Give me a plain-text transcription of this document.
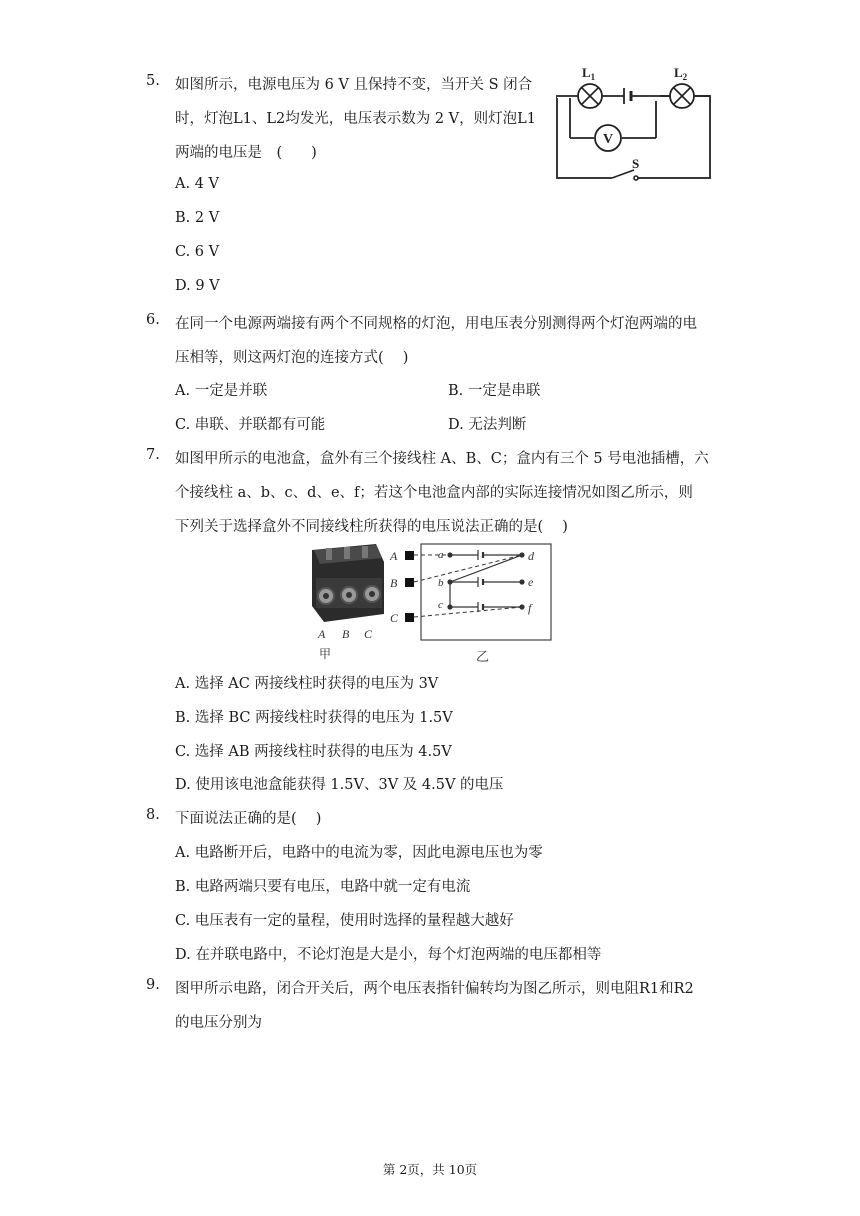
5. 如图所示，电源电压为 6 V 且保持不变，当开关 S 闭合
时，灯泡L1、L2均发光，电压表示数为 2 V，则灯泡L1
两端的电压是　(　　)
A. 4 V
B. 2 V
C. 6 V
D. 9 V
V
$L_1$	$L_2$
S
6. 在同一个电源两端接有两个不同规格的灯泡，用电压表分别测得两个灯泡两端的电
压相等，则这两灯泡的连接方式(　 )
A. 一定是并联	B. 一定是串联
C. 串联、并联都有可能	D. 无法判断
7. 如图甲所示的电池盒，盒外有三个接线柱 A、B、C；盒内有三个 5 号电池插槽，六
个接线柱 a、b、c、d、e、f；若这个电池盒内部的实际连接情况如图乙所示，则
下列关于选择盒外不同接线柱所获得的电压说法正确的是(　 )
A B C
甲	乙
A
B
C
a
b
c
d
e
f
A. 选择 AC 两接线柱时获得的电压为 3V
B. 选择 BC 两接线柱时获得的电压为 1.5V
C. 选择 AB 两接线柱时获得的电压为 4.5V
D. 使用该电池盒能获得 1.5V、3V 及 4.5V 的电压
8. 下面说法正确的是(　 )
A. 电路断开后，电路中的电流为零，因此电源电压也为零
B. 电路两端只要有电压，电路中就一定有电流
C. 电压表有一定的量程，使用时选择的量程越大越好
D. 在并联电路中，不论灯泡是大是小，每个灯泡两端的电压都相等
9. 图甲所示电路，闭合开关后，两个电压表指针偏转均为图乙所示，则电阻R1和R2
的电压分别为
第 2页，共 10页
